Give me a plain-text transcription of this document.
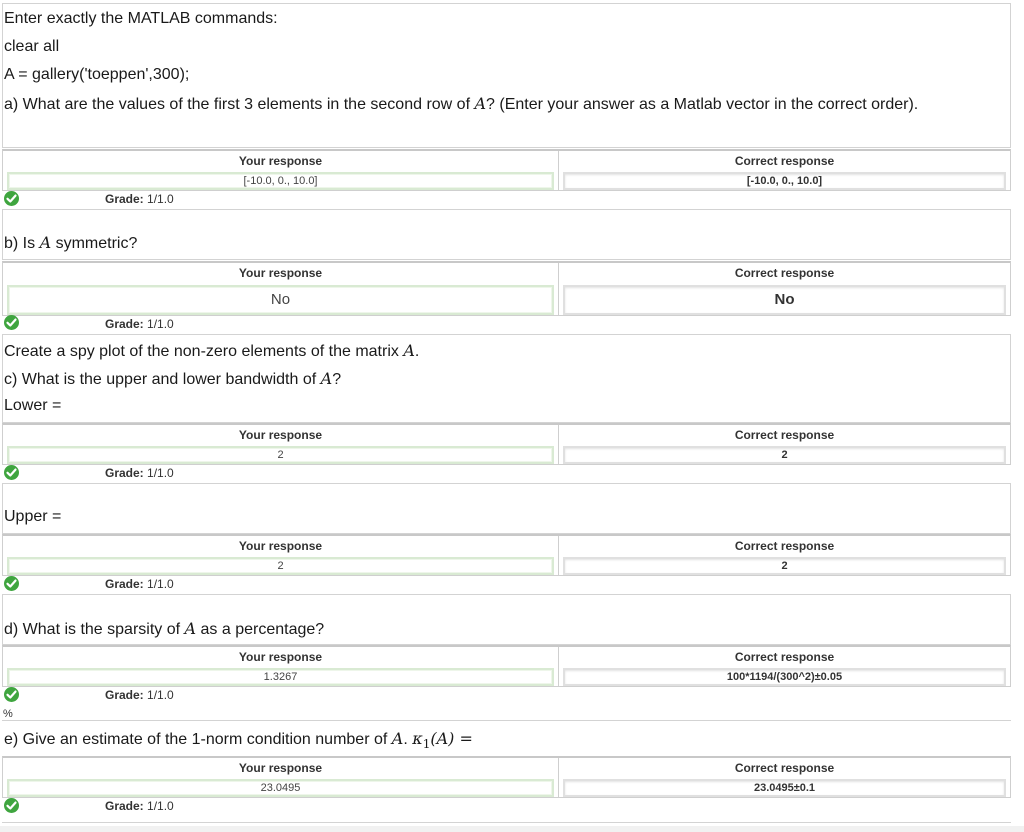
Enter exactly the MATLAB commands:
clear all
A = gallery('toeppen',300);
a) What are the values of the first 3 elements in the second row of A? (Enter your answer as a Matlab vector in the correct order).
Your response
[-10.0, 0., 10.0]
Correct response
[-10.0, 0., 10.0]
Grade: 1/1.0
b) Is A symmetric?
Your response
No
Correct response
No
Grade: 1/1.0
Create a spy plot of the non-zero elements of the matrix A.
c) What is the upper and lower bandwidth of A?
Lower =
Your response
2
Correct response
2
Grade: 1/1.0
Upper =
Your response
2
Correct response
2
Grade: 1/1.0
d) What is the sparsity of A as a percentage?
Your response
1.3267
Correct response
100*1194/(300^2)±0.05
Grade: 1/1.0
%
e) Give an estimate of the 1-norm condition number of A. $\kappa_1(A)$ =
Your response
23.0495
Correct response
23.0495±0.1
Grade: 1/1.0
